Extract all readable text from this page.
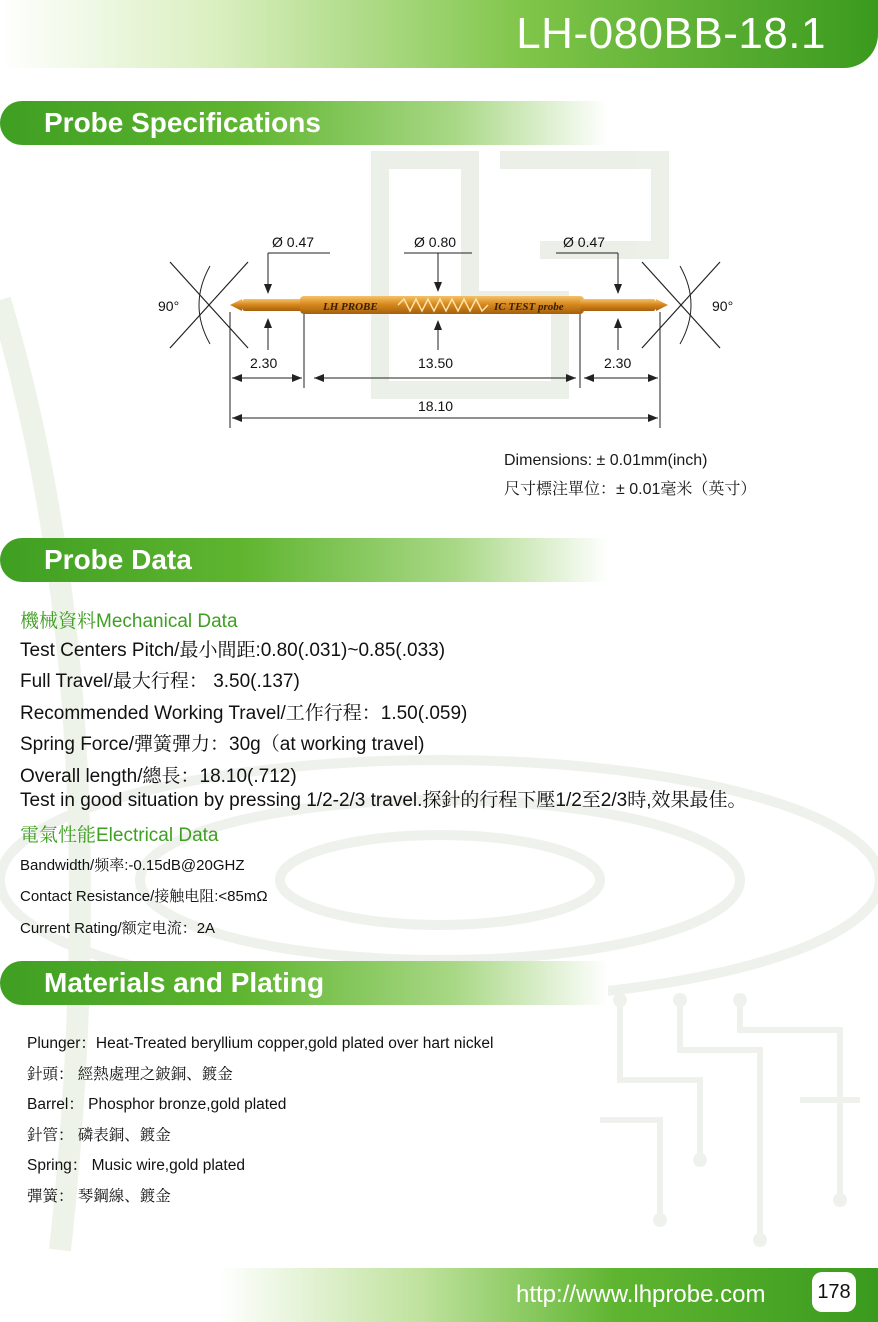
LH-080BB-18.1
Probe Specifications
LH PROBE	IC TEST probe
Ø 0.47	Ø 0.80	Ø 0.47
90°	90°
2.30	13.50	2.30
18.10
Dimensions: ± 0.01mm(inch)
尺寸標注單位：± 0.01毫米（英寸）
Probe Data
機械資料Mechanical Data
Test Centers Pitch/最小間距:0.80(.031)~0.85(.033)
Full Travel/最大行程： 3.50(.137)
Recommended Working Travel/工作行程：1.50(.059)
Spring Force/彈簧彈力：30g（at working travel)
Overall length/總長：18.10(.712)
Test in good situation by pressing 1/2-2/3 travel.探針的行程下壓1/2至2/3時,效果最佳。
電氣性能Electrical Data
Bandwidth/频率:-0.15dB@20GHZ
Contact Resistance/接触电阻:<85mΩ
Current Rating/额定电流：2A
Materials and Plating
Plunger：Heat-Treated beryllium copper,gold plated over hart nickel
針頭： 經熱處理之鈹銅、鍍金
Barrel： Phosphor bronze,gold plated
針管： 磷表銅、鍍金
Spring： Music wire,gold plated
彈簧： 琴鋼線、鍍金
http://www.lhprobe.com	178
